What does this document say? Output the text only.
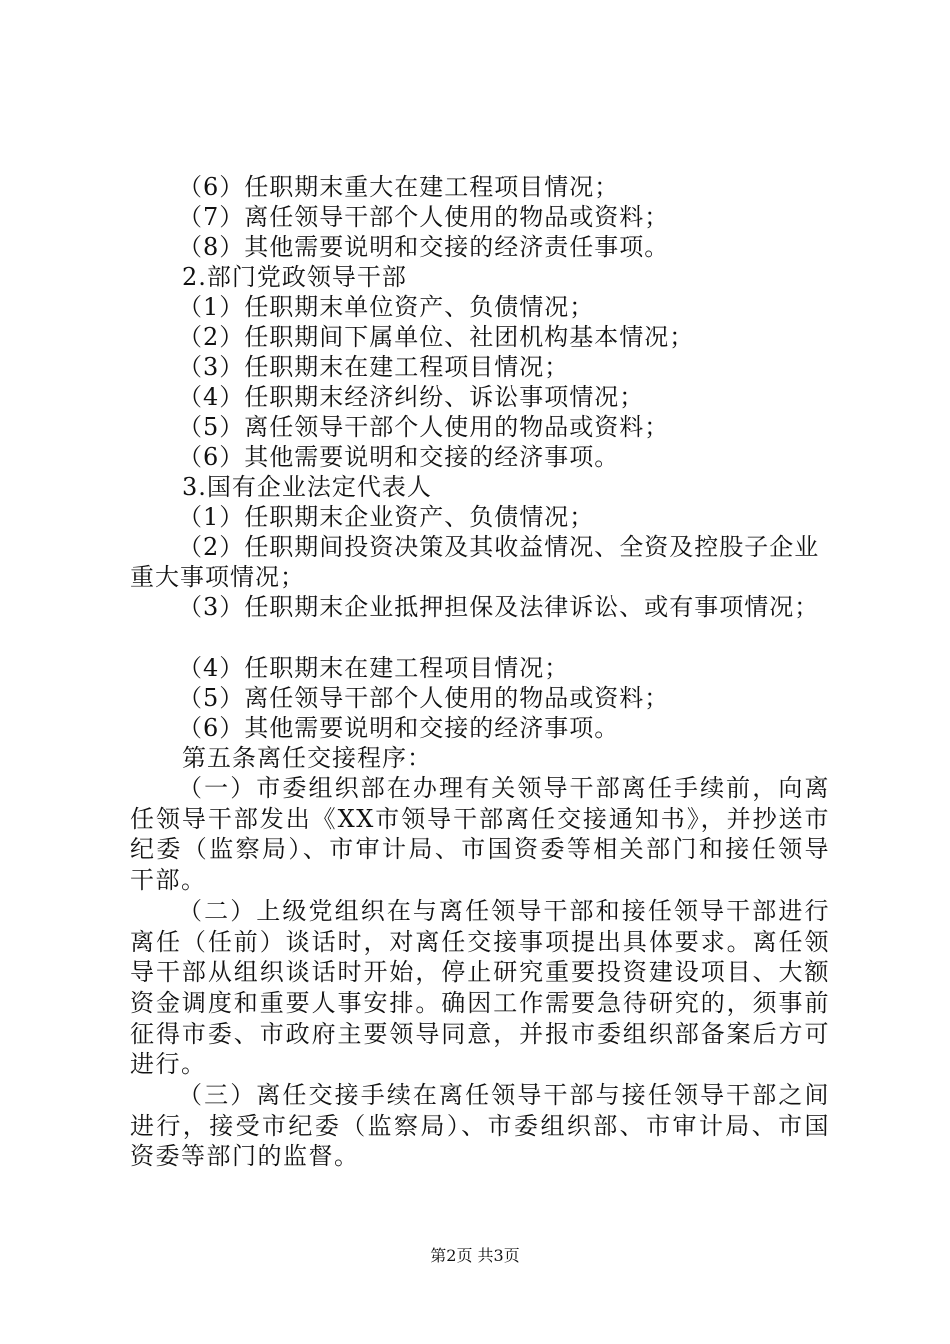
（6）任职期末重大在建工程项目情况；
（7）离任领导干部个人使用的物品或资料；
（8）其他需要说明和交接的经济责任事项。
2.部门党政领导干部
（1）任职期末单位资产、负债情况；
（2）任职期间下属单位、社团机构基本情况；
（3）任职期末在建工程项目情况；
（4）任职期末经济纠纷、诉讼事项情况；
（5）离任领导干部个人使用的物品或资料；
（6）其他需要说明和交接的经济事项。
3.国有企业法定代表人
（1）任职期末企业资产、负债情况；
（2）任职期间投资决策及其收益情况、全资及控股子企业
重大事项情况；
（3）任职期末企业抵押担保及法律诉讼、或有事项情况；
（4）任职期末在建工程项目情况；
（5）离任领导干部个人使用的物品或资料；
（6）其他需要说明和交接的经济事项。
第五条离任交接程序：
（一）市委组织部在办理有关领导干部离任手续前，向离任领导干部发出《XX市领导干部离任交接通知书》，并抄送市纪委（监察局）、市审计局、市国资委等相关部门和接任领导干部。
（二）上级党组织在与离任领导干部和接任领导干部进行离任（任前）谈话时，对离任交接事项提出具体要求。离任领导干部从组织谈话时开始，停止研究重要投资建设项目、大额资金调度和重要人事安排。确因工作需要急待研究的，须事前征得市委、市政府主要领导同意，并报市委组织部备案后方可进行。
（三）离任交接手续在离任领导干部与接任领导干部之间进行，接受市纪委（监察局）、市委组织部、市审计局、市国资委等部门的监督。
第2页 共3页
